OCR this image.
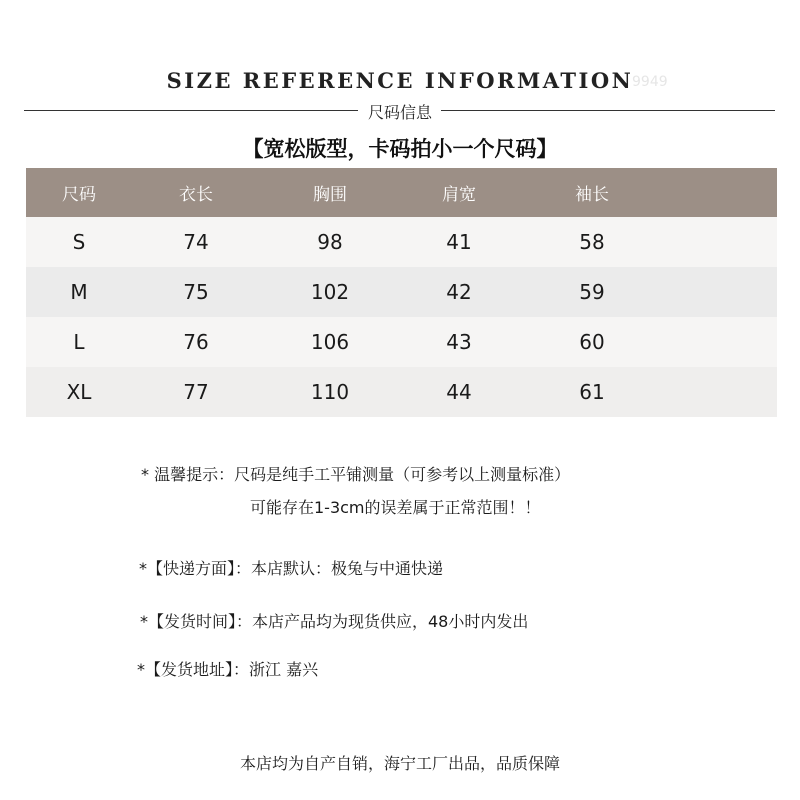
SIZE REFERENCE INFORMATION
9949
尺码信息
【宽松版型，卡码拍小一个尺码】
尺码	衣长	胸围	肩宽	袖长
S	74	98	41	58
M	75	102	42	59
L	76	106	43	60
XL	77	110	44	61
* 温馨提示：尺码是纯手工平铺测量（可参考以上测量标准）
可能存在1-3cm的误差属于正常范围！！
*【快递方面】：本店默认：极兔与中通快递
*【发货时间】：本店产品均为现货供应，48小时内发出
*【发货地址】：浙江 嘉兴
本店均为自产自销，海宁工厂出品，品质保障
